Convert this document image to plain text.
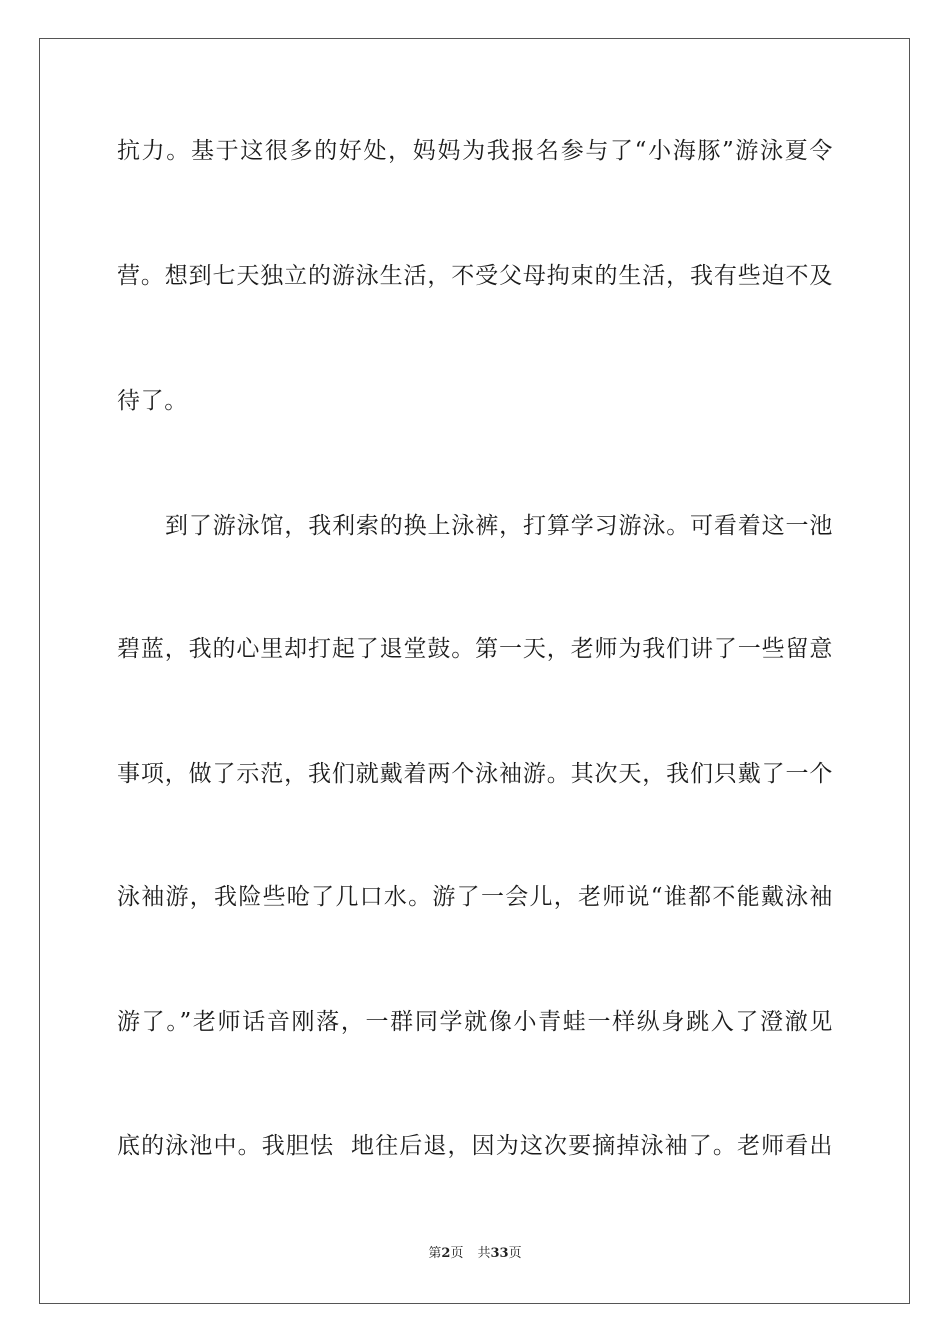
抗力。基于这很多的好处，妈妈为我报名参与了“小海豚”游泳夏令
营。想到七天独立的游泳生活，不受父母拘束的生活，我有些迫不及
待了。
到了游泳馆，我利索的换上泳裤，打算学习游泳。可看着这一池
碧蓝，我的心里却打起了退堂鼓。第一天，老师为我们讲了一些留意
事项，做了示范，我们就戴着两个泳袖游。其次天，我们只戴了一个
泳袖游，我险些呛了几口水。游了一会儿，老师说“谁都不能戴泳袖
游了。”老师话音刚落，一群同学就像小青蛙一样纵身跳入了澄澈见
底的泳池中。我胆怯  地往后退，因为这次要摘掉泳袖了。老师看出
第2页 共33页
